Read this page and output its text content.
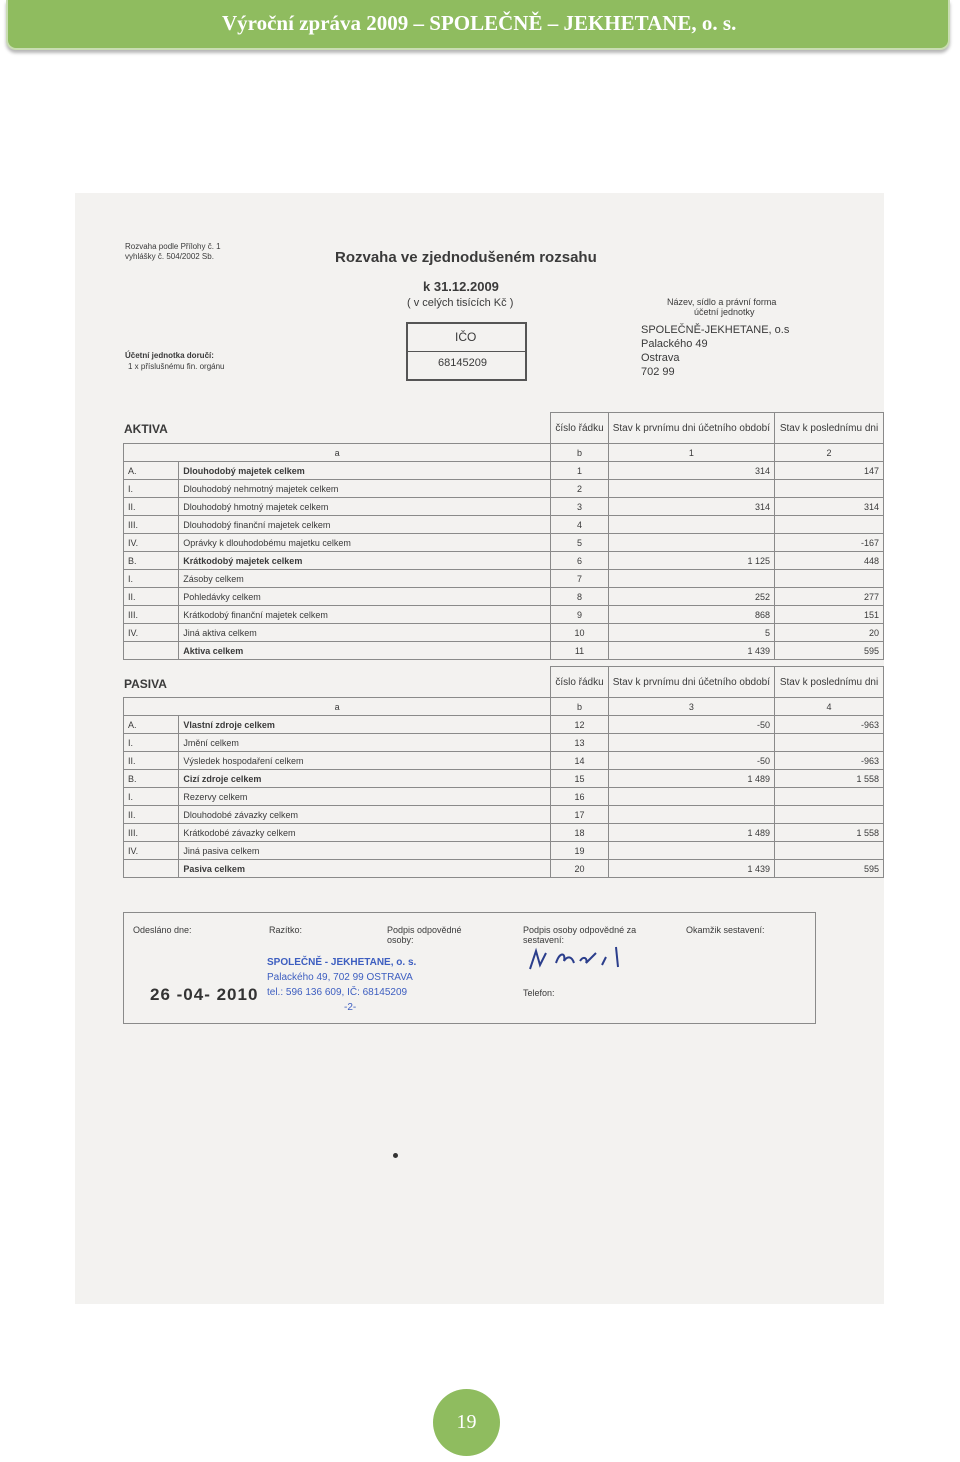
Výroční zpráva 2009 – SPOLEČNĚ – JEKHETANE, o. s.
Rozvaha podle Přílohy č. 1
vyhlášky č. 504/2002 Sb.	Rozvaha ve zjednodušeném rozsahu
k 31.12.2009
( v celých tisících Kč )
IČO
68145209
Účetní jednotka doručí:
1 x příslušnému fin. orgánu
Název, sídlo a právní forma
účetní jednotky
SPOLEČNĚ-JEKHETANE, o.s
Palackého 49
Ostrava
702 99
AKTIVA
			číslo řádku	Stav k prvnímu dni účetního období	Stav k poslednímu dni
a		b	1	2
A.	Dlouhodobý majetek celkem	1	314	147
I.	Dlouhodobý nehmotný majetek celkem	2		
II.	Dlouhodobý hmotný majetek celkem	3	314	314
III.	Dlouhodobý finanční majetek celkem	4		
IV.	Oprávky k dlouhodobému majetku celkem	5		-167
B.	Krátkodobý majetek celkem	6	1 125	448
I.	Zásoby celkem	7		
II.	Pohledávky celkem	8	252	277
III.	Krátkodobý finanční majetek celkem	9	868	151
IV.	Jiná aktiva celkem	10	5	20
	Aktiva celkem	11	1 439	595
PASIVA
			číslo řádku	Stav k prvnímu dni účetního období	Stav k poslednímu dni
a		b	3	4
A.	Vlastní zdroje celkem	12	-50	-963
I.	Jmění celkem	13		
II.	Výsledek hospodaření celkem	14	-50	-963
B.	Cizí zdroje celkem	15	1 489	1 558
I.	Rezervy celkem	16		
II.	Dlouhodobé závazky celkem	17		
III.	Krátkodobé závazky celkem	18	1 489	1 558
IV.	Jiná pasiva celkem	19		
	Pasiva celkem	20	1 439	595
Odesláno dne:	Razítko:	Podpis odpovědné osoby:
Podpis osoby odpovědné za sestavení:
Okamžik sestavení:
Telefon:
SPOLEČNĚ - JEKHETANE, o. s.
Palackého 49, 702 99 OSTRAVA
tel.: 596 136 609, IČ: 68145209
-2-
26 -04- 2010
19
